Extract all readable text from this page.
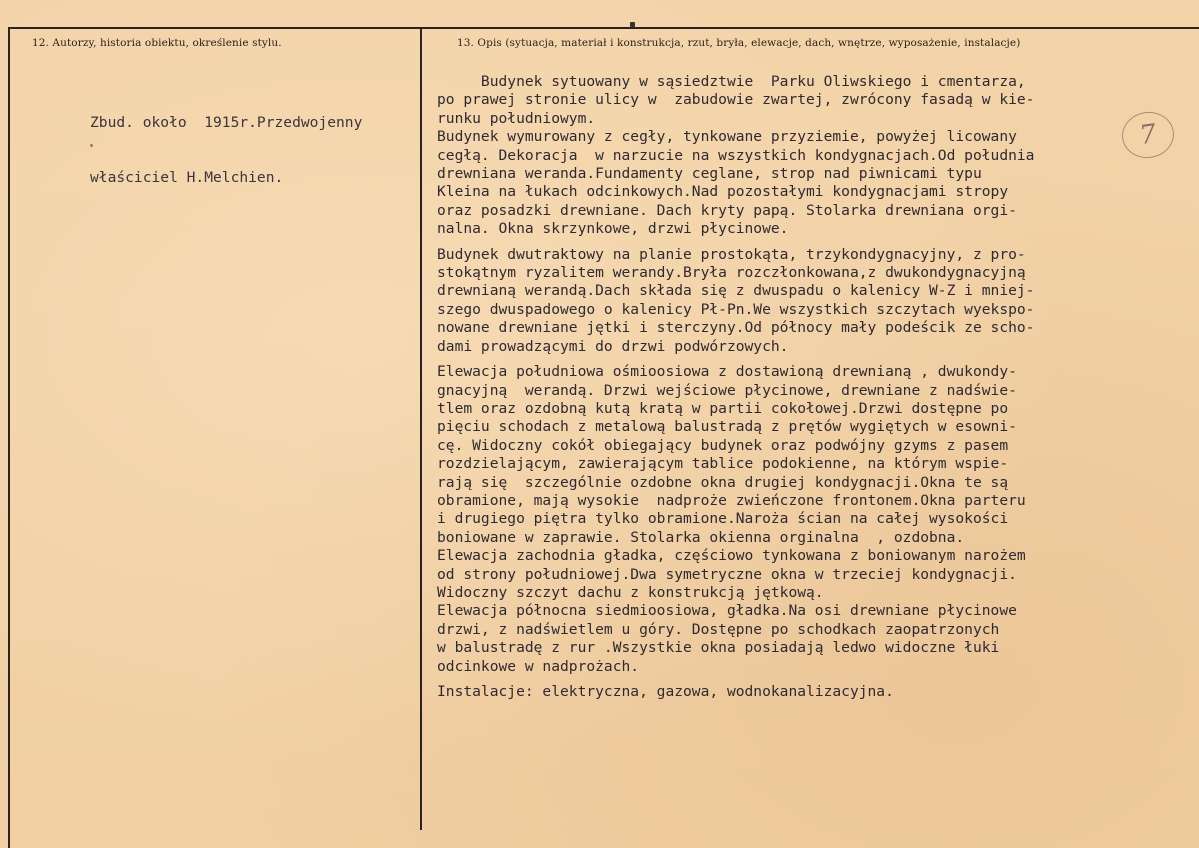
12. Autorzy, historia obiektu, określenie stylu.	13. Opis (sytuacja, materiał i konstrukcja, rzut, bryła, elewacje, dach, wnętrze, wyposażenie, instalacje)

Zbud. około  1915r.Przedwojenny

właściciel H.Melchien.

Budynek sytuowany w sąsiedztwie  Parku Oliwskiego i cmentarza,
po prawej stronie ulicy w  zabudowie zwartej, zwrócony fasadą w kie-
runku południowym.
Budynek wymurowany z cegły, tynkowane przyziemie, powyżej licowany
cegłą. Dekoracja  w narzucie na wszystkich kondygnacjach.Od południa
drewniana weranda.Fundamenty ceglane, strop nad piwnicami typu
Kleina na łukach odcinkowych.Nad pozostałymi kondygnacjami stropy
oraz posadzki drewniane. Dach kryty papą. Stolarka drewniana orgi-
nalna. Okna skrzynkowe, drzwi płycinowe.
Budynek dwutraktowy na planie prostokąta, trzykondygnacyjny, z pro-
stokątnym ryzalitem werandy.Bryła rozczłonkowana,z dwukondygnacyjną
drewnianą werandą.Dach składa się z dwuspadu o kalenicy W-Z i mniej-
szego dwuspadowego o kalenicy Pł-Pn.We wszystkich szczytach wyekspo-
nowane drewniane jętki i sterczyny.Od północy mały podeścik ze scho-
dami prowadzącymi do drzwi podwórzowych.
Elewacja południowa ośmioosiowa z dostawioną drewnianą , dwukondy-
gnacyjną  werandą. Drzwi wejściowe płycinowe, drewniane z nadświe-
tlem oraz ozdobną kutą kratą w partii cokołowej.Drzwi dostępne po
pięciu schodach z metalową balustradą z prętów wygiętych w esowni-
cę. Widoczny cokół obiegający budynek oraz podwójny gzyms z pasem
rozdzielającym, zawierającym tablice podokienne, na którym wspie-
rają się  szczególnie ozdobne okna drugiej kondygnacji.Okna te są
obramione, mają wysokie  nadproże zwieńczone frontonem.Okna parteru
i drugiego piętra tylko obramione.Naroża ścian na całej wysokości
boniowane w zaprawie. Stolarka okienna orginalna  , ozdobna.
Elewacja zachodnia gładka, częściowo tynkowana z boniowanym narożem
od strony południowej.Dwa symetryczne okna w trzeciej kondygnacji.
Widoczny szczyt dachu z konstrukcją jętkową.
Elewacja północna siedmioosiowa, gładka.Na osi drewniane płycinowe
drzwi, z nadświetlem u góry. Dostępne po schodkach zaopatrzonych
w balustradę z rur .Wszystkie okna posiadają ledwo widoczne łuki
odcinkowe w nadprożach.
Instalacje: elektryczna, gazowa, wodnokanalizacyjna.
7
